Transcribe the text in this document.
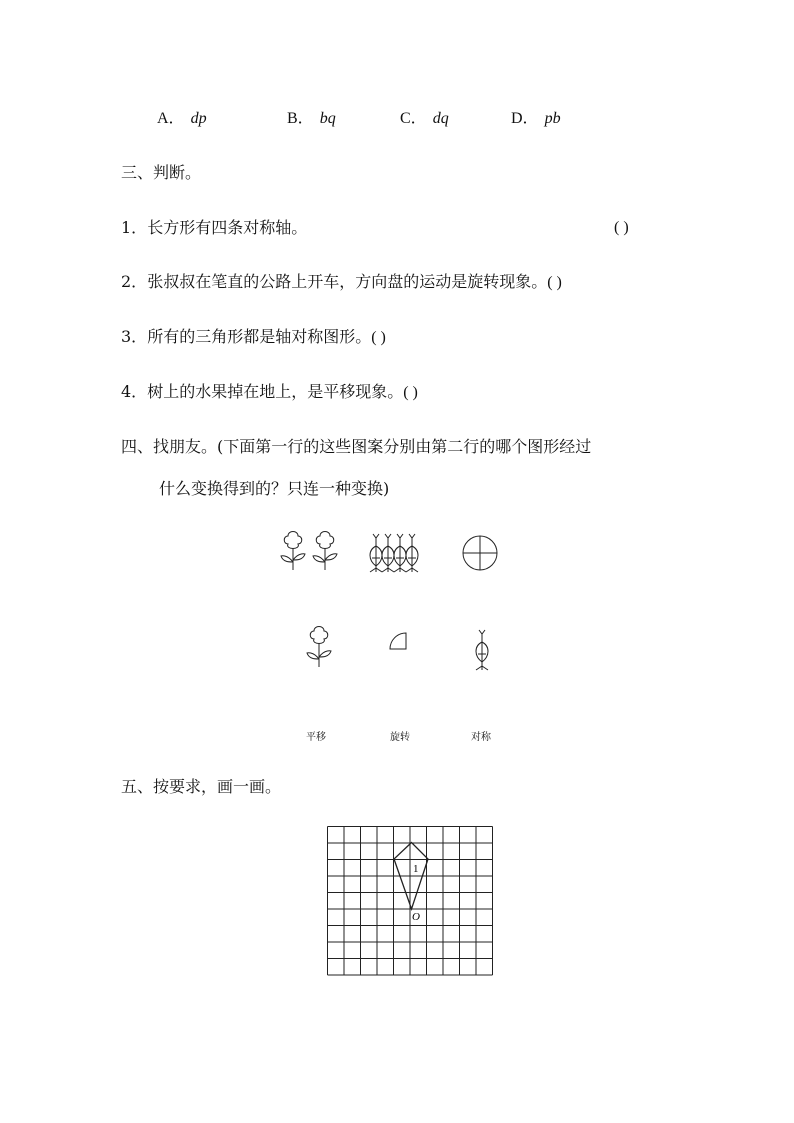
A． dp	B． bq	C． dq	D． pb
三、判断。
1．长方形有四条对称轴。	( )
2．张叔叔在笔直的公路上开车，方向盘的运动是旋转现象。( )
3．所有的三角形都是轴对称图形。( )
4．树上的水果掉在地上，是平移现象。( )
四、找朋友。(下面第一行的这些图案分别由第二行的哪个图形经过
什么变换得到的？只连一种变换)
平移	旋转	对称
五、按要求，画一画。
1
O
